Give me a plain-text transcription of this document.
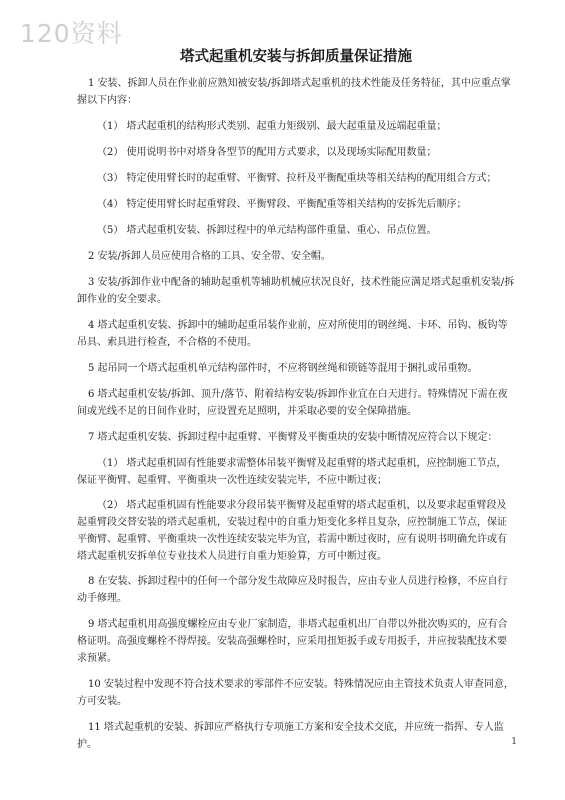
120资料
塔式起重机安装与拆卸质量保证措施

1 安装、拆卸人员在作业前应熟知被安装/拆卸塔式起重机的技术性能及任务特征，其中应重点掌握以下内容：

（1） 塔式起重机的结构形式类别、起重力矩级别、最大起重量及远端起重量；

（2） 使用说明书中对塔身各型节的配用方式要求，以及现场实际配用数量；

（3） 特定使用臂长时的起重臂、平衡臂、拉杆及平衡配重块等相关结构的配用组合方式；

（4） 特定使用臂长时起重臂段、平衡臂段、平衡配重等相关结构的安拆先后顺序；

（5） 塔式起重机安装、拆卸过程中的单元结构部件重量、重心、吊点位置。

2 安装/拆卸人员应使用合格的工具、安全带、安全帽。

3 安装/拆卸作业中配备的辅助起重机等辅助机械应状况良好，技术性能应满足塔式起重机安装/拆卸作业的安全要求。

4 塔式起重机安装、拆卸中的辅助起重吊装作业前，应对所使用的钢丝绳、卡环、吊钩、板钩等吊具、索具进行检查，不合格的不使用。

5 起吊同一个塔式起重机单元结构部件时，不应将钢丝绳和锁链等混用于捆扎或吊重物。

6 塔式起重机安装/拆卸、顶升/落节、附着结构安装/拆卸作业宜在白天进行。特殊情况下需在夜间或光线不足的日间作业时，应设置充足照明，并采取必要的安全保障措施。

7 塔式起重机安装、拆卸过程中起重臂、平衡臂及平衡重块的安装中断情况应符合以下规定：

（1） 塔式起重机固有性能要求需整体吊装平衡臂及起重臂的塔式起重机，应控制施工节点，保证平衡臂、起重臂、平衡重块一次性连续安装完毕，不应中断过夜；

（2） 塔式起重机固有性能要求分段吊装平衡臂及起重臂的塔式起重机，以及要求起重臂段及起重臂段交替安装的塔式起重机，安装过程中的自重力矩变化多样且复杂，应控制施工节点，保证平衡臂、起重臂、平衡重块一次性连续安装完毕为宜，若需中断过夜时，应有说明书明确允许或有塔式起重机安拆单位专业技术人员进行自重力矩验算，方可中断过夜。

8 在安装、拆卸过程中的任何一个部分发生故障应及时报告，应由专业人员进行检修，不应自行动手修理。

9 塔式起重机用高强度螺栓应由专业厂家制造，非塔式起重机出厂自带以外批次购买的，应有合格证明。高强度螺栓不得焊接。安装高强螺栓时，应采用扭矩扳手或专用扳手，并应按装配技术要求预紧。

10 安装过程中发现不符合技术要求的零部件不应安装。特殊情况应由主管技术负责人审查同意，方可安装。

11 塔式起重机的安装、拆卸应严格执行专项施工方案和安全技术交底，并应统一指挥、专人监护。	1
